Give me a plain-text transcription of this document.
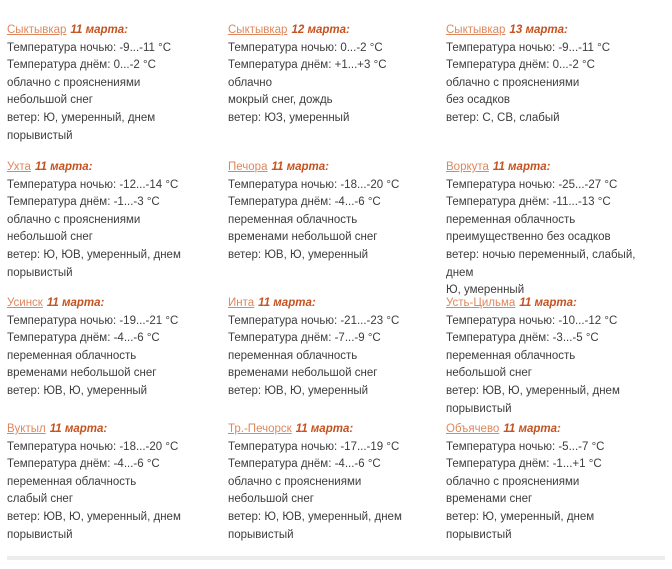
Сыктывкар 11 марта:
Температура ночью: -9...-11 °C
Температура днём: 0...-2 °C
облачно с прояснениями
небольшой снег
ветер: Ю, умеренный, днем порывистый
Сыктывкар 12 марта:
Температура ночью: 0...-2 °C
Температура днём: +1...+3 °C
облачно
мокрый снег, дождь
ветер: ЮЗ, умеренный
Сыктывкар 13 марта:
Температура ночью: -9...-11 °C
Температура днём: 0...-2 °C
облачно с прояснениями
без осадков
ветер: С, СВ, слабый
Ухта 11 марта:
Температура ночью: -12...-14 °C
Температура днём: -1...-3 °C
облачно с прояснениями
небольшой снег
ветер: Ю, ЮВ, умеренный, днем
порывистый
Печора 11 марта:
Температура ночью: -18...-20 °C
Температура днём: -4...-6 °C
переменная облачность
временами небольшой снег
ветер: ЮВ, Ю, умеренный
Воркута 11 марта:
Температура ночью: -25...-27 °C
Температура днём: -11...-13 °C
переменная облачность
преимущественно без осадков
ветер: ночью переменный, слабый, днем
Ю, умеренный
Усинск 11 марта:
Температура ночью: -19...-21 °C
Температура днём: -4...-6 °C
переменная облачность
временами небольшой снег
ветер: ЮВ, Ю, умеренный
Инта 11 марта:
Температура ночью: -21...-23 °C
Температура днём: -7...-9 °C
переменная облачность
временами небольшой снег
ветер: ЮВ, Ю, умеренный
Усть-Цильма 11 марта:
Температура ночью: -10...-12 °C
Температура днём: -3...-5 °C
переменная облачность
небольшой снег
ветер: ЮВ, Ю, умеренный, днем
порывистый
Вуктыл 11 марта:
Температура ночью: -18...-20 °C
Температура днём: -4...-6 °C
переменная облачность
слабый снег
ветер: ЮВ, Ю, умеренный, днем
порывистый
Тр.-Печорск 11 марта:
Температура ночью: -17...-19 °C
Температура днём: -4...-6 °C
облачно с прояснениями
небольшой снег
ветер: Ю, ЮВ, умеренный, днем
порывистый
Объячево 11 марта:
Температура ночью: -5...-7 °C
Температура днём: -1...+1 °C
облачно с прояснениями
временами снег
ветер: Ю, умеренный, днем порывистый
